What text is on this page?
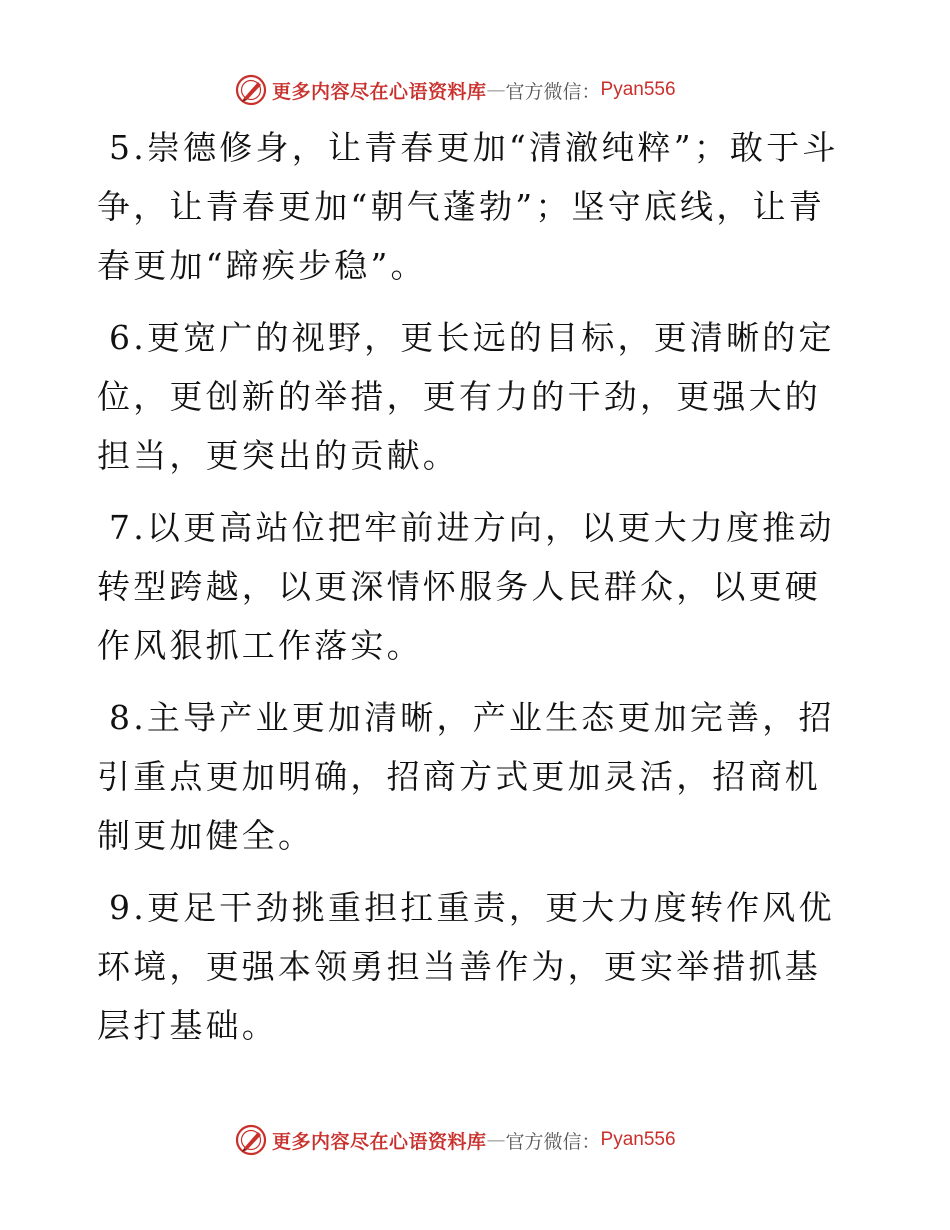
更多内容尽在心语资料库 — 官方微信： Pyan556

5.崇德修身，让青春更加“清澈纯粹”；敢于斗争，让青春更加“朝气蓬勃”；坚守底线，让青春更加“蹄疾步稳”。

6.更宽广的视野，更长远的目标，更清晰的定位，更创新的举措，更有力的干劲，更强大的担当，更突出的贡献。

7.以更高站位把牢前进方向，以更大力度推动转型跨越，以更深情怀服务人民群众，以更硬作风狠抓工作落实。

8.主导产业更加清晰，产业生态更加完善，招引重点更加明确，招商方式更加灵活，招商机制更加健全。

9.更足干劲挑重担扛重责，更大力度转作风优环境，更强本领勇担当善作为，更实举措抓基层打基础。

更多内容尽在心语资料库 — 官方微信： Pyan556
